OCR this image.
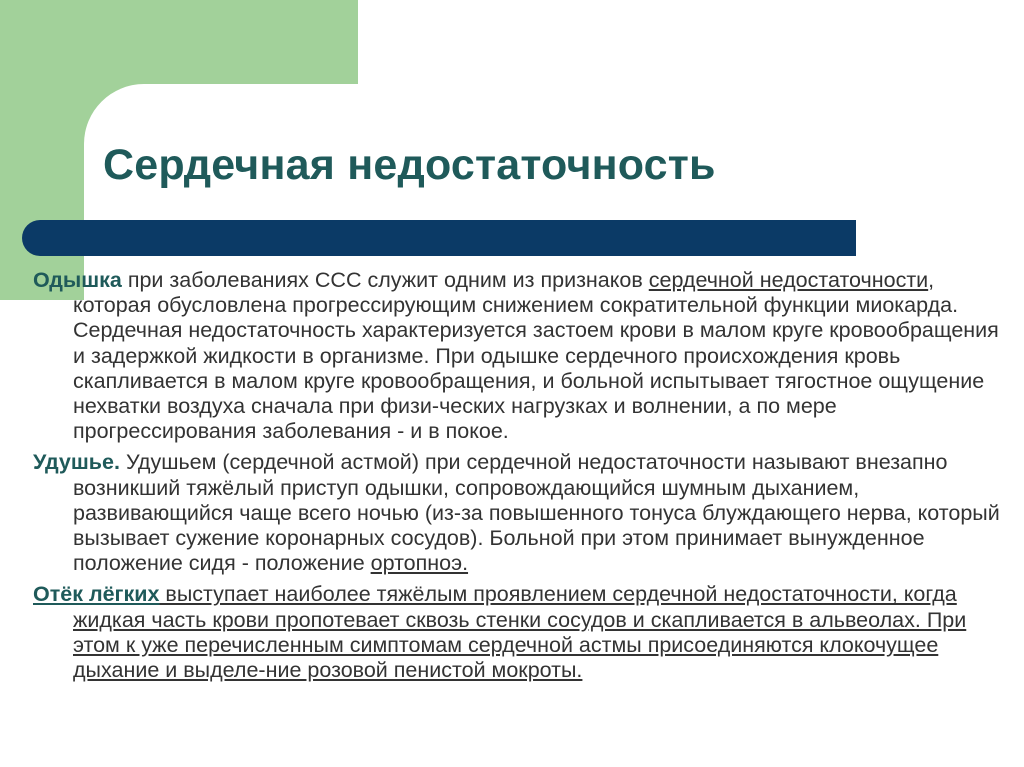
Сердечная недостаточность

Одышка при заболеваниях ССС служит одним из признаков сердечной недостаточности, которая обусловлена прогрессирующим снижением сократительной функции миокарда. Сердечная недостаточность характеризуется застоем крови в малом круге кровообращения и задержкой жидкости в организме. При одышке сердечного происхождения кровь скапливается в малом круге кровообращения, и больной испытывает тягостное ощущение нехватки воздуха сначала при физи-ческих нагрузках и волнении, а по мере прогрессирования заболевания - и в покое.

Удушье. Удушьем (сердечной астмой) при сердечной недостаточности называют внезапно возникший тяжёлый приступ одышки, сопровождающийся шумным дыханием, развивающийся чаще всего ночью (из-за повышенного тонуса блуждающего нерва, который вызывает сужение коронарных сосудов). Больной при этом принимает вынужденное положение сидя - положение ортопноэ.

Отёк лёгких выступает наиболее тяжёлым проявлением сердечной недостаточности, когда жидкая часть крови пропотевает сквозь стенки сосудов и скапливается в альвеолах. При этом к уже перечисленным симптомам сердечной астмы присоединяются клокочущее дыхание и выделе-ние розовой пенистой мокроты.
